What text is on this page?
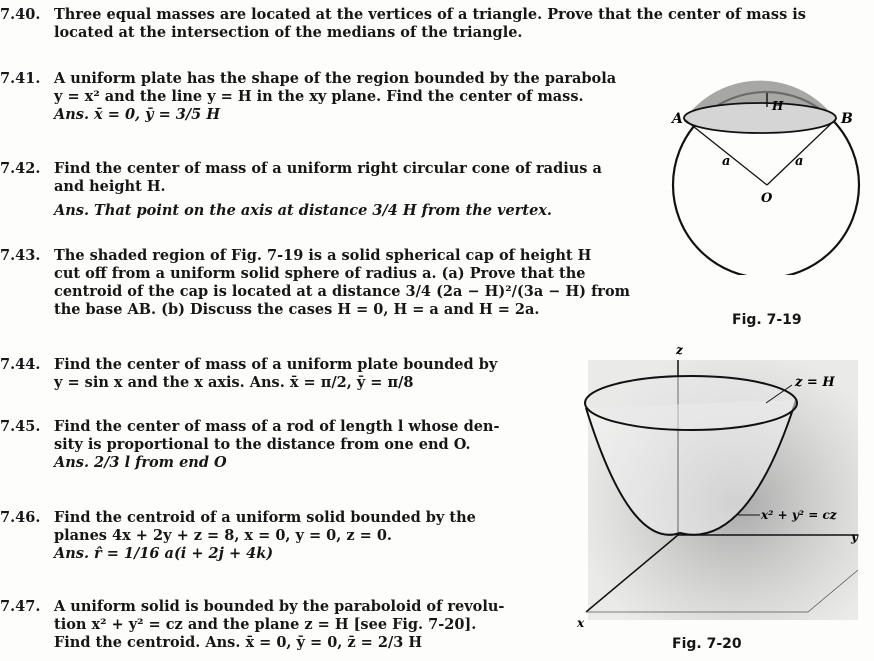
7.40. Three equal masses are located at the vertices of a triangle. Prove that the center of mass is
located at the intersection of the medians of the triangle.
7.41. A uniform plate has the shape of the region bounded by the parabola
y = x² and the line y = H in the xy plane. Find the center of mass.
Ans. x̄ = 0, ȳ = 3/5 H
7.42. Find the center of mass of a uniform right circular cone of radius a
and height H.
Ans. That point on the axis at distance 3/4 H from the vertex.
7.43. The shaded region of Fig. 7-19 is a solid spherical cap of height H
cut off from a uniform solid sphere of radius a. (a) Prove that the
centroid of the cap is located at a distance 3/4 (2a − H)²/(3a − H) from
the base AB. (b) Discuss the cases H = 0, H = a and H = 2a.
7.44. Find the center of mass of a uniform plate bounded by
y = sin x and the x axis. Ans. x̄ = π/2, ȳ = π/8
7.45. Find the center of mass of a rod of length l whose den-
sity is proportional to the distance from one end O.
Ans. 2/3 l from end O
7.46. Find the centroid of a uniform solid bounded by the
planes 4x + 2y + z = 8, x = 0, y = 0, z = 0.
Ans. r̂ = 1/16 a(i + 2j + 4k)
7.47. A uniform solid is bounded by the paraboloid of revolu-
tion x² + y² = cz and the plane z = H [see Fig. 7-20].
Find the centroid. Ans. x̄ = 0, ȳ = 0, z̄ = 2/3 H
A	B
H
a	a
O
Fig. 7-19
z
x
y
z = H
x² + y² = cz
Fig. 7-20
